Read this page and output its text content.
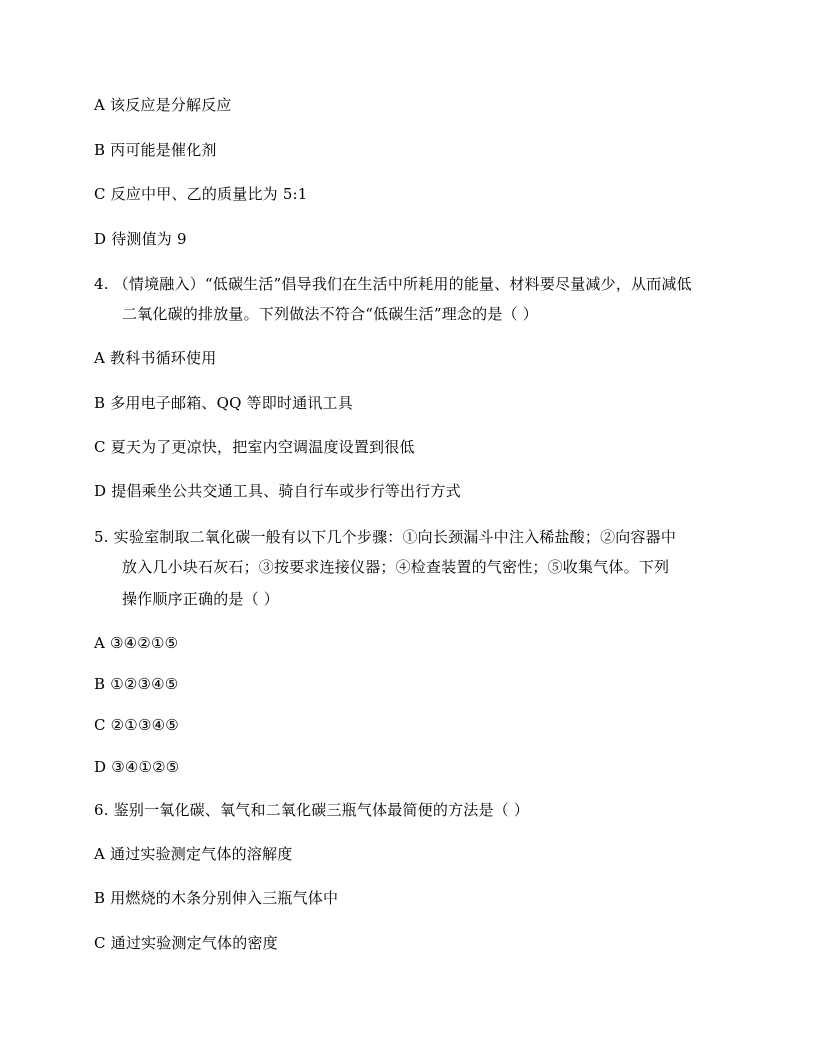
A 该反应是分解反应
B 丙可能是催化剂
C 反应中甲、乙的质量比为 5:1
D 待测值为 9
4. （情境融入）“低碳生活”倡导我们在生活中所耗用的能量、材料要尽量减少，从而减低
二氧化碳的排放量。下列做法不符合“低碳生活”理念的是（ ）
A 教科书循环使用
B 多用电子邮箱、QQ 等即时通讯工具
C 夏天为了更凉快，把室内空调温度设置到很低
D 提倡乘坐公共交通工具、骑自行车或步行等出行方式
5. 实验室制取二氧化碳一般有以下几个步骤：①向长颈漏斗中注入稀盐酸；②向容器中
放入几小块石灰石；③按要求连接仪器；④检查装置的气密性；⑤收集气体。下列
操作顺序正确的是（ ）
A ③④②①⑤
B ①②③④⑤
C ②①③④⑤
D ③④①②⑤
6. 鉴别一氧化碳、氧气和二氧化碳三瓶气体最简便的方法是（ ）
A 通过实验测定气体的溶解度
B 用燃烧的木条分别伸入三瓶气体中
C 通过实验测定气体的密度
